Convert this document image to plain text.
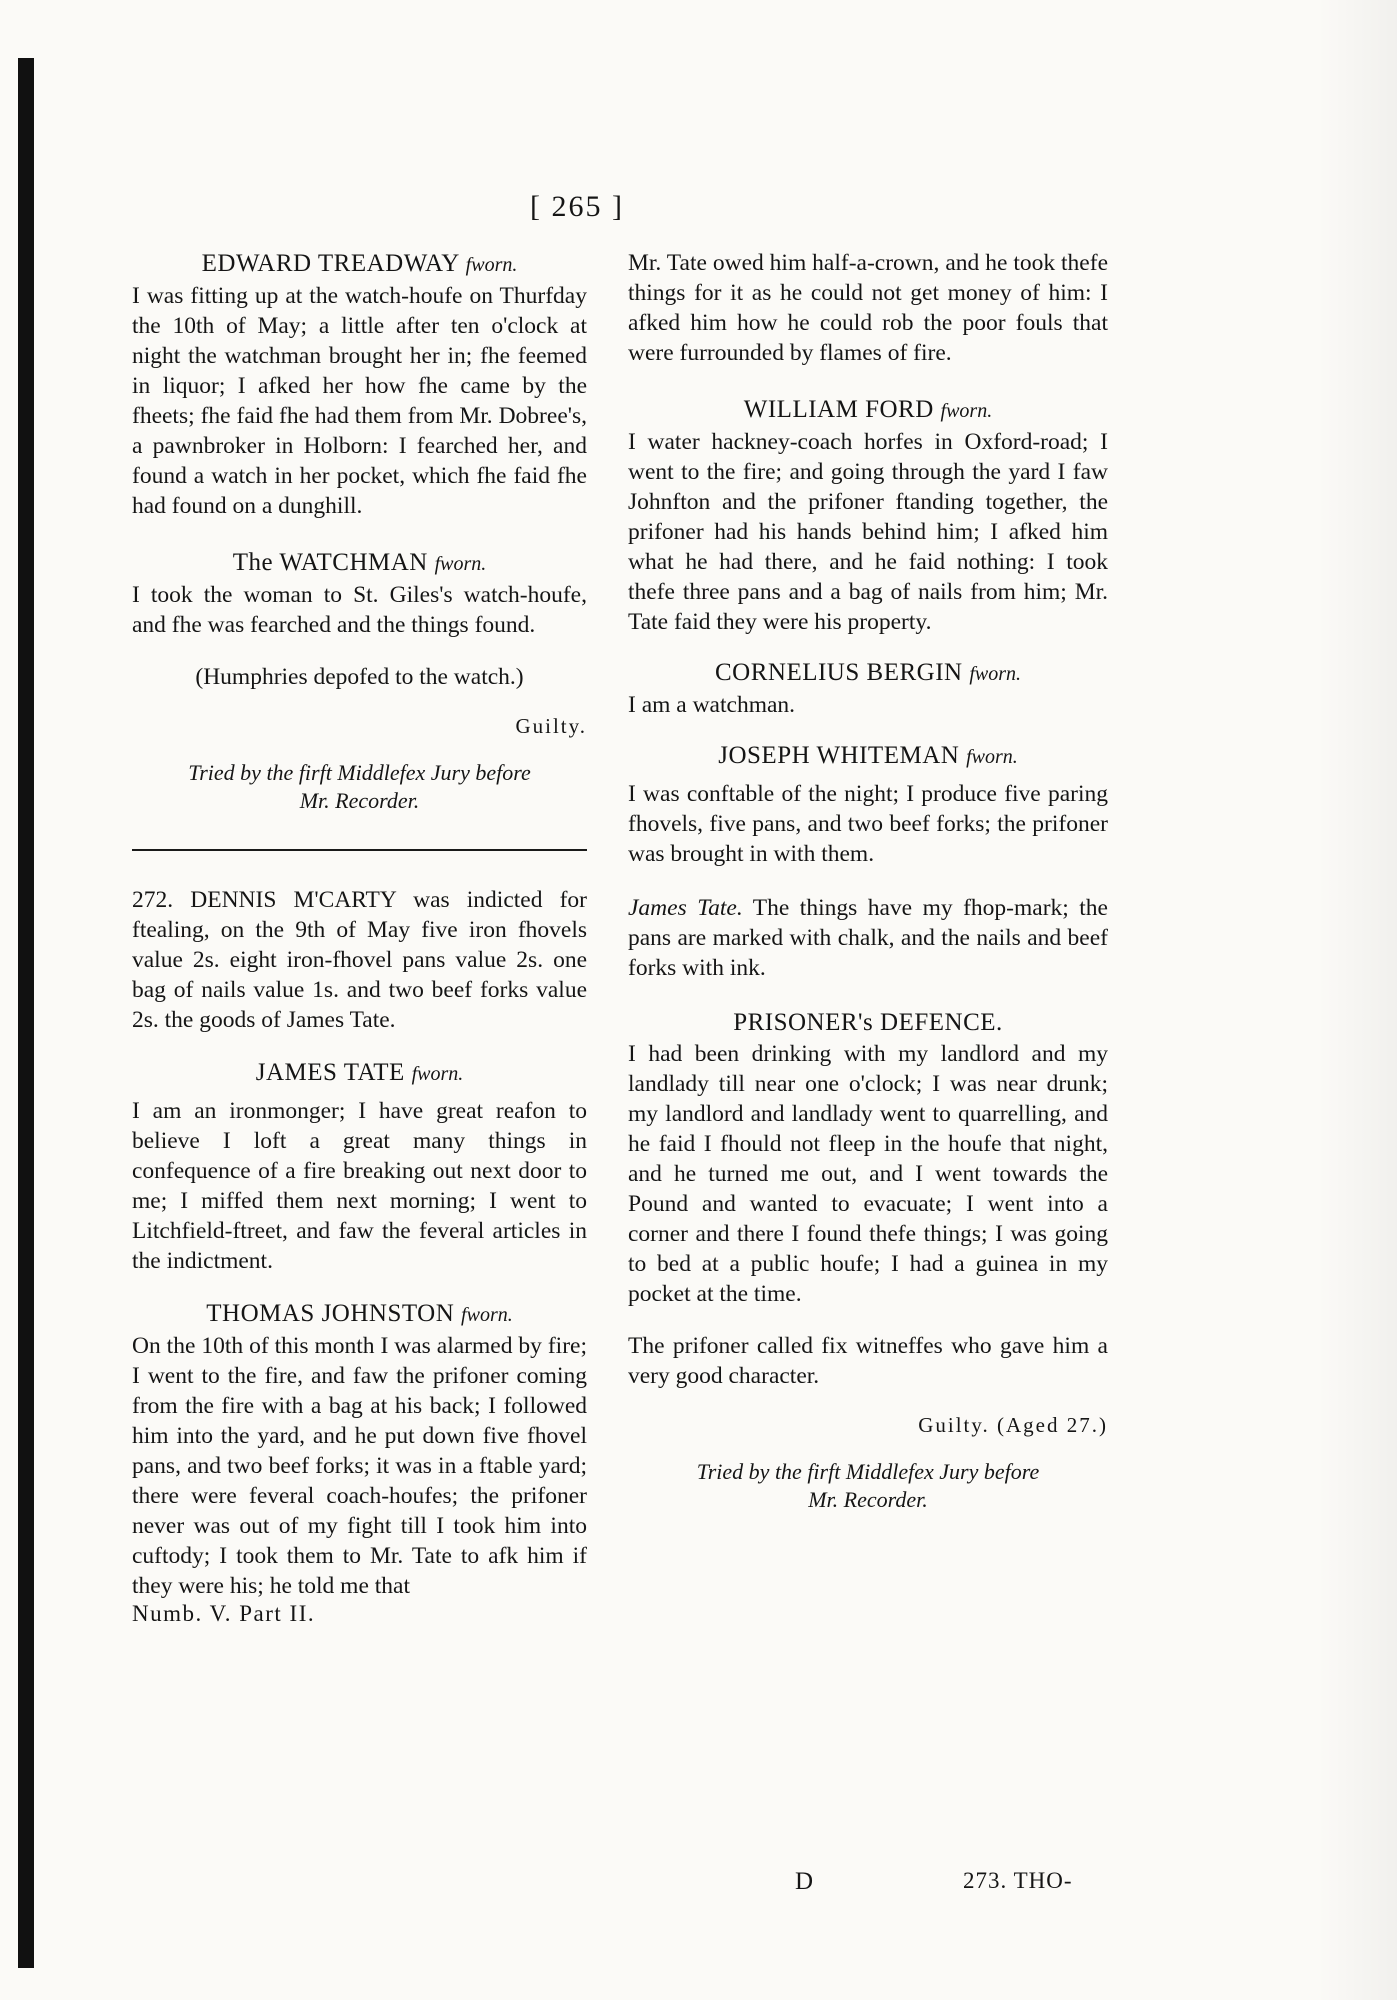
[ 265 ]

EDWARD TREADWAY fworn.

I was fitting up at the watch-houfe on Thurfday the 10th of May; a little after ten o'clock at night the watchman brought her in; fhe feemed in liquor; I afked her how fhe came by the fheets; fhe faid fhe had them from Mr. Dobree's, a pawnbroker in Holborn: I fearched her, and found a watch in her pocket, which fhe faid fhe had found on a dunghill.

The WATCHMAN fworn.

I took the woman to St. Giles's watch-houfe, and fhe was fearched and the things found.

(Humphries depofed to the watch.)

Guilty.

Tried by the firft Middlefex Jury before

Mr. Recorder.

272. DENNIS M'CARTY was indicted for ftealing, on the 9th of May five iron fhovels value 2s. eight iron-fhovel pans value 2s. one bag of nails value 1s. and two beef forks value 2s. the goods of James Tate.

JAMES TATE fworn.

I am an ironmonger; I have great reafon to believe I loft a great many things in confequence of a fire breaking out next door to me; I miffed them next morning; I went to Litchfield-ftreet, and faw the feveral articles in the indictment.

THOMAS JOHNSTON fworn.

On the 10th of this month I was alarmed by fire; I went to the fire, and faw the prifoner coming from the fire with a bag at his back; I followed him into the yard, and he put down five fhovel pans, and two beef forks; it was in a ftable yard; there were feveral coach-houfes; the prifoner never was out of my fight till I took him into cuftody; I took them to Mr. Tate to afk him if they were his; he told me that

Numb. V. Part II.

Mr. Tate owed him half-a-crown, and he took thefe things for it as he could not get money of him: I afked him how he could rob the poor fouls that were furrounded by flames of fire.

WILLIAM FORD fworn.

I water hackney-coach horfes in Oxford-road; I went to the fire; and going through the yard I faw Johnfton and the prifoner ftanding together, the prifoner had his hands behind him; I afked him what he had there, and he faid nothing: I took thefe three pans and a bag of nails from him; Mr. Tate faid they were his property.

CORNELIUS BERGIN fworn.

I am a watchman.

JOSEPH WHITEMAN fworn.

I was conftable of the night; I produce five paring fhovels, five pans, and two beef forks; the prifoner was brought in with them.

James Tate. The things have my fhop-mark; the pans are marked with chalk, and the nails and beef forks with ink.

PRISONER's DEFENCE.

I had been drinking with my landlord and my landlady till near one o'clock; I was near drunk; my landlord and landlady went to quarrelling, and he faid I fhould not fleep in the houfe that night, and he turned me out, and I went towards the Pound and wanted to evacuate; I went into a corner and there I found thefe things; I was going to bed at a public houfe; I had a guinea in my pocket at the time.

The prifoner called fix witneffes who gave him a very good character.

Guilty. (Aged 27.)

Tried by the firft Middlefex Jury before

Mr. Recorder.

D	273. THO-
